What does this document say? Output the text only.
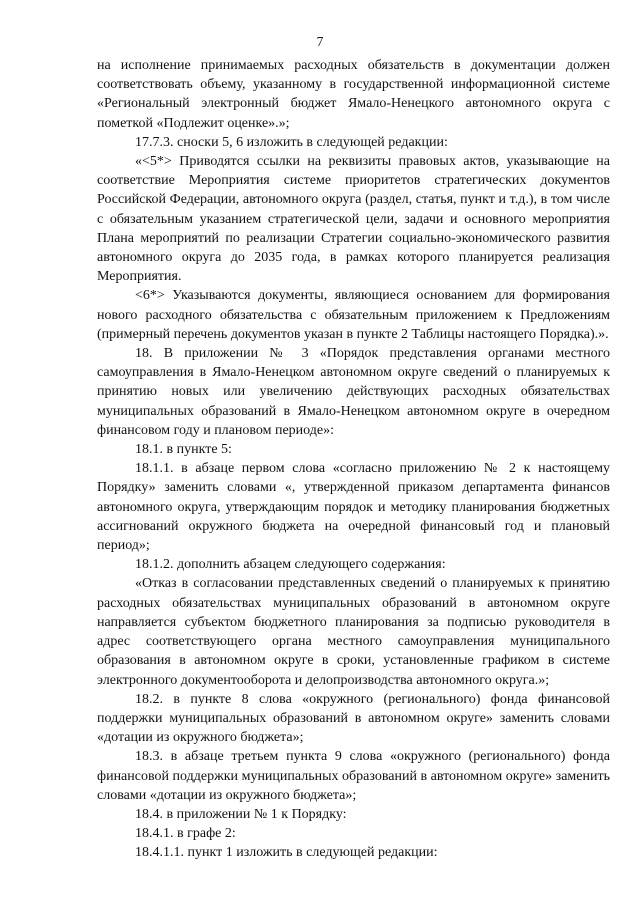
7

на исполнение принимаемых расходных обязательств в документации должен соответствовать объему, указанному в государственной информационной системе «Региональный электронный бюджет Ямало-Ненецкого автономного округа с пометкой «Подлежит оценке».»;

17.7.3. сноски 5, 6 изложить в следующей редакции:

«<5*> Приводятся ссылки на реквизиты правовых актов, указывающие на соответствие Мероприятия системе приоритетов стратегических документов Российской Федерации, автономного округа (раздел, статья, пункт и т.д.), в том числе с обязательным указанием стратегической цели, задачи и основного мероприятия Плана мероприятий по реализации Стратегии социально-экономического развития автономного округа до 2035 года, в рамках которого планируется реализация Мероприятия.

<6*> Указываются документы, являющиеся основанием для формирования нового расходного обязательства с обязательным приложением к Предложениям (примерный перечень документов указан в пункте 2 Таблицы настоящего Порядка).».

18. В приложении № 3 «Порядок представления органами местного самоуправления в Ямало-Ненецком автономном округе сведений о планируемых к принятию новых или увеличению действующих расходных обязательствах муниципальных образований в Ямало-Ненецком автономном округе в очередном финансовом году и плановом периоде»:

18.1. в пункте 5:

18.1.1. в абзаце первом слова «согласно приложению № 2 к настоящему Порядку» заменить словами «, утвержденной приказом департамента финансов автономного округа, утверждающим порядок и методику планирования бюджетных ассигнований окружного бюджета на очередной финансовый год и плановый период»;

18.1.2. дополнить абзацем следующего содержания:

«Отказ в согласовании представленных сведений о планируемых к принятию расходных обязательствах муниципальных образований в автономном округе направляется субъектом бюджетного планирования за подписью руководителя в адрес соответствующего органа местного самоуправления муниципального образования в автономном округе в сроки, установленные графиком в системе электронного документооборота и делопроизводства автономного округа.»;

18.2. в пункте 8 слова «окружного (регионального) фонда финансовой поддержки муниципальных образований в автономном округе» заменить словами «дотации из окружного бюджета»;

18.3. в абзаце третьем пункта 9 слова «окружного (регионального) фонда финансовой поддержки муниципальных образований в автономном округе» заменить словами «дотации из окружного бюджета»;

18.4. в приложении № 1 к Порядку:

18.4.1. в графе 2:

18.4.1.1. пункт 1 изложить в следующей редакции:
